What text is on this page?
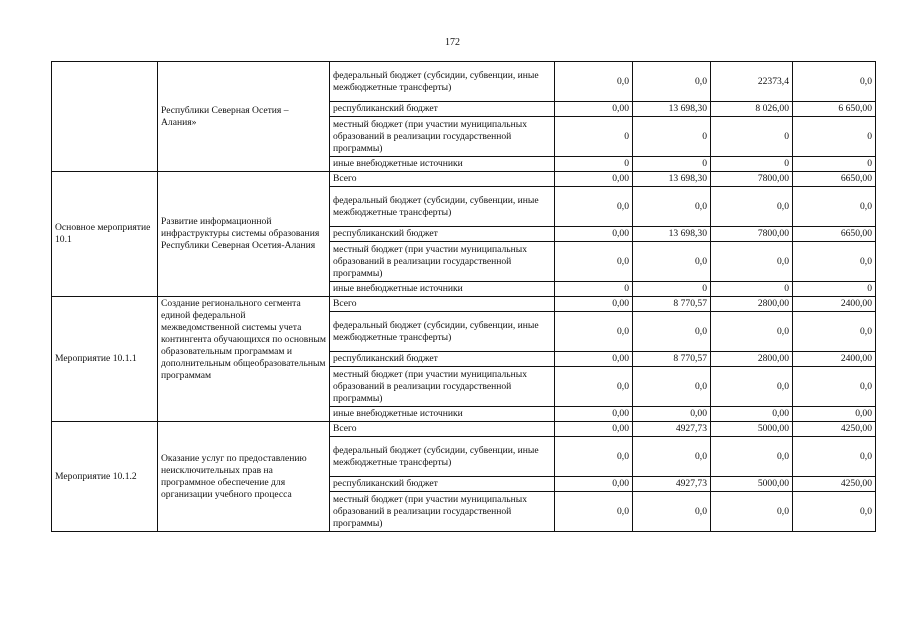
172
	Республики Северная Осетия – Алания»	федеральный бюджет (субсидии, субвенции, иные межбюджетные трансферты)	0,0	0,0	22373,4	0,0
		республиканский бюджет	0,00	13 698,30	8 026,00	6 650,00
		местный бюджет (при участии муниципальных образований в реализации государственной программы)	0	0	0	0
		иные внебюджетные источники	0	0	0	0
Основное мероприятие 10.1	Развитие информационной инфраструктуры системы образования Республики Северная Осетия-Алания	Всего	0,00	13 698,30	7800,00	6650,00
		федеральный бюджет (субсидии, субвенции, иные межбюджетные трансферты)	0,0	0,0	0,0	0,0
		республиканский бюджет	0,00	13 698,30	7800,00	6650,00
		местный бюджет (при участии муниципальных образований в реализации государственной программы)	0,0	0,0	0,0	0,0
		иные внебюджетные источники	0	0	0	0
Мероприятие 10.1.1	Создание регионального сегмента единой федеральной межведомственной системы учета контингента обучающихся по основным образовательным программам и дополнительным общеобразовательным программам	Всего	0,00	8 770,57	2800,00	2400,00
		федеральный бюджет (субсидии, субвенции, иные межбюджетные трансферты)	0,0	0,0	0,0	0,0
		республиканский бюджет	0,00	8 770,57	2800,00	2400,00
		местный бюджет (при участии муниципальных образований в реализации государственной программы)	0,0	0,0	0,0	0,0
		иные внебюджетные источники	0,00	0,00	0,00	0,00
Мероприятие 10.1.2	Оказание услуг по предоставлению неисключительных прав на программное обеспечение для организации учебного процесса	Всего	0,00	4927,73	5000,00	4250,00
		федеральный бюджет (субсидии, субвенции, иные межбюджетные трансферты)	0,0	0,0	0,0	0,0
		республиканский бюджет	0,00	4927,73	5000,00	4250,00
		местный бюджет (при участии муниципальных образований в реализации государственной программы)	0,0	0,0	0,0	0,0
